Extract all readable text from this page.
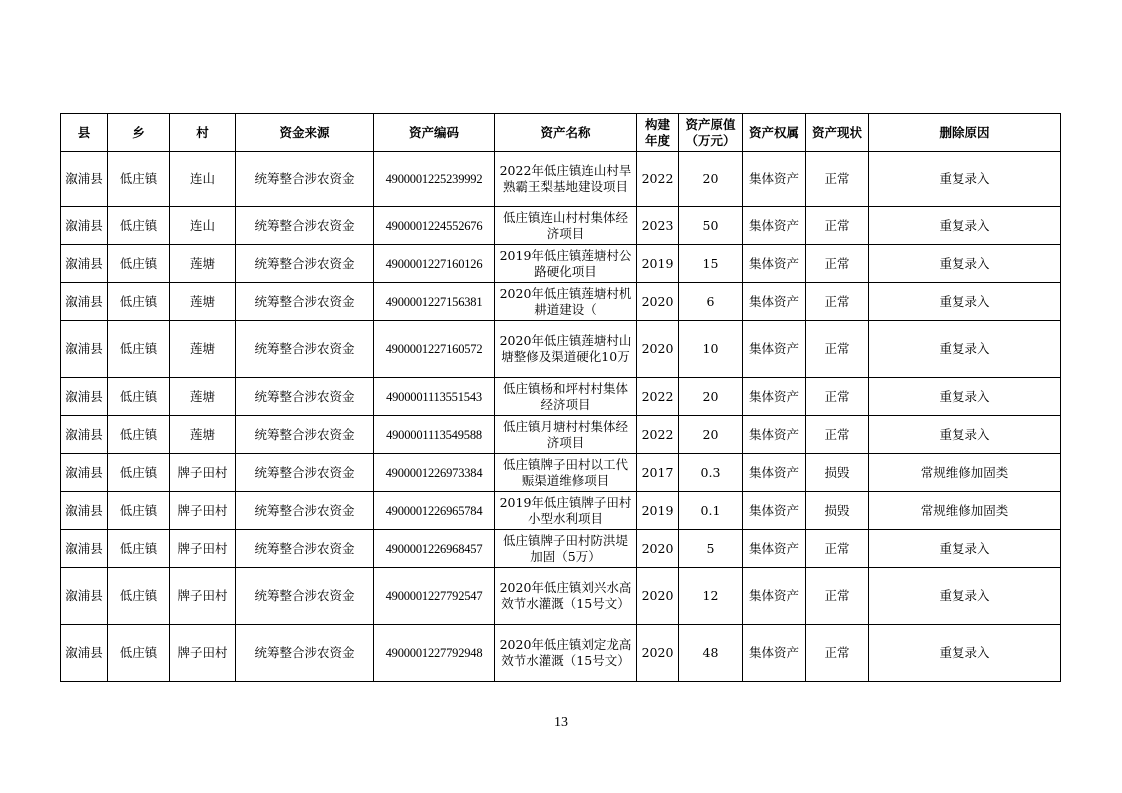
县	乡	村	资金来源	资产编码	资产名称	构建年度	资产原值（万元）	资产权属	资产现状	删除原因
溆浦县	低庄镇	连山	统筹整合涉农资金	4900001225239992	2022年低庄镇连山村旱熟霸王梨基地建设项目	2022	20	集体资产	正常	重复录入
溆浦县	低庄镇	连山	统筹整合涉农资金	4900001224552676	低庄镇连山村村集体经济项目	2023	50	集体资产	正常	重复录入
溆浦县	低庄镇	莲塘	统筹整合涉农资金	4900001227160126	2019年低庄镇莲塘村公路硬化项目	2019	15	集体资产	正常	重复录入
溆浦县	低庄镇	莲塘	统筹整合涉农资金	4900001227156381	2020年低庄镇莲塘村机耕道建设（	2020	6	集体资产	正常	重复录入
溆浦县	低庄镇	莲塘	统筹整合涉农资金	4900001227160572	2020年低庄镇莲塘村山塘整修及渠道硬化10万	2020	10	集体资产	正常	重复录入
溆浦县	低庄镇	莲塘	统筹整合涉农资金	4900001113551543	低庄镇杨和坪村村集体经济项目	2022	20	集体资产	正常	重复录入
溆浦县	低庄镇	莲塘	统筹整合涉农资金	4900001113549588	低庄镇月塘村村集体经济项目	2022	20	集体资产	正常	重复录入
溆浦县	低庄镇	牌子田村	统筹整合涉农资金	4900001226973384	低庄镇牌子田村以工代赈渠道维修项目	2017	0.3	集体资产	损毁	常规维修加固类
溆浦县	低庄镇	牌子田村	统筹整合涉农资金	4900001226965784	2019年低庄镇牌子田村小型水利项目	2019	0.1	集体资产	损毁	常规维修加固类
溆浦县	低庄镇	牌子田村	统筹整合涉农资金	4900001226968457	低庄镇牌子田村防洪堤加固（5万）	2020	5	集体资产	正常	重复录入
溆浦县	低庄镇	牌子田村	统筹整合涉农资金	4900001227792547	2020年低庄镇刘兴水高效节水灌溉（15号文）	2020	12	集体资产	正常	重复录入
溆浦县	低庄镇	牌子田村	统筹整合涉农资金	4900001227792948	2020年低庄镇刘定龙高效节水灌溉（15号文）	2020	48	集体资产	正常	重复录入
13
